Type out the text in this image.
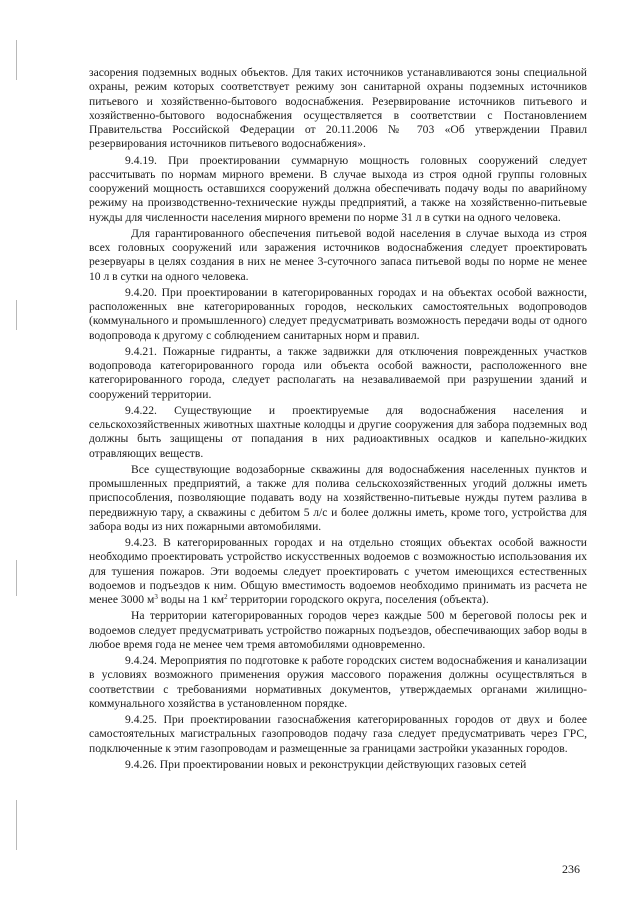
засорения подземных водных объектов. Для таких источников устанавливаются зоны специальной охраны, режим которых соответствует режиму зон санитарной охраны подземных источников питьевого и хозяйственно-бытового водоснабжения. Резервирование источников питьевого и хозяйственно-бытового водоснабжения осуществляется в соответствии с Постановлением Правительства Российской Федерации от 20.11.2006 № 703 «Об утверждении Правил резервирования источников питьевого водоснабжения».

9.4.19. При проектировании суммарную мощность головных сооружений следует рассчитывать по нормам мирного времени. В случае выхода из строя одной группы головных сооружений мощность оставшихся сооружений должна обеспечивать подачу воды по аварийному режиму на производственно-технические нужды предприятий, а также на хозяйственно-питьевые нужды для численности населения мирного времени по норме 31 л в сутки на одного человека.

Для гарантированного обеспечения питьевой водой населения в случае выхода из строя всех головных сооружений или заражения источников водоснабжения следует проектировать резервуары в целях создания в них не менее 3-суточного запаса питьевой воды по норме не менее 10 л в сутки на одного человека.

9.4.20. При проектировании в категорированных городах и на объектах особой важности, расположенных вне категорированных городов, нескольких самостоятельных водопроводов (коммунального и промышленного) следует предусматривать возможность передачи воды от одного водопровода к другому с соблюдением санитарных норм и правил.

9.4.21. Пожарные гидранты, а также задвижки для отключения поврежденных участков водопровода категорированного города или объекта особой важности, расположенного вне категорированного города, следует располагать на незаваливаемой при разрушении зданий и сооружений территории.

9.4.22. Существующие и проектируемые для водоснабжения населения и сельскохозяйственных животных шахтные колодцы и другие сооружения для забора подземных вод должны быть защищены от попадания в них радиоактивных осадков и капельно-жидких отравляющих веществ.

Все существующие водозаборные скважины для водоснабжения населенных пунктов и промышленных предприятий, а также для полива сельскохозяйственных угодий должны иметь приспособления, позволяющие подавать воду на хозяйственно-питьевые нужды путем разлива в передвижную тару, а скважины с дебитом 5 л/с и более должны иметь, кроме того, устройства для забора воды из них пожарными автомобилями.

9.4.23. В категорированных городах и на отдельно стоящих объектах особой важности необходимо проектировать устройство искусственных водоемов с возможностью использования их для тушения пожаров. Эти водоемы следует проектировать с учетом имеющихся естественных водоемов и подъездов к ним. Общую вместимость водоемов необходимо принимать из расчета не менее 3000 $м^3$ воды на 1 $км^2$ территории городского округа, поселения (объекта).

На территории категорированных городов через каждые 500 м береговой полосы рек и водоемов следует предусматривать устройство пожарных подъездов, обеспечивающих забор воды в любое время года не менее чем тремя автомобилями одновременно.

9.4.24. Мероприятия по подготовке к работе городских систем водоснабжения и канализации в условиях возможного применения оружия массового поражения должны осуществляться в соответствии с требованиями нормативных документов, утверждаемых органами жилищно-коммунального хозяйства в установленном порядке.

9.4.25. При проектировании газоснабжения категорированных городов от двух и более самостоятельных магистральных газопроводов подачу газа следует предусматривать через ГРС, подключенные к этим газопроводам и размещенные за границами застройки указанных городов.

9.4.26. При проектировании новых и реконструкции действующих газовых сетей

236
